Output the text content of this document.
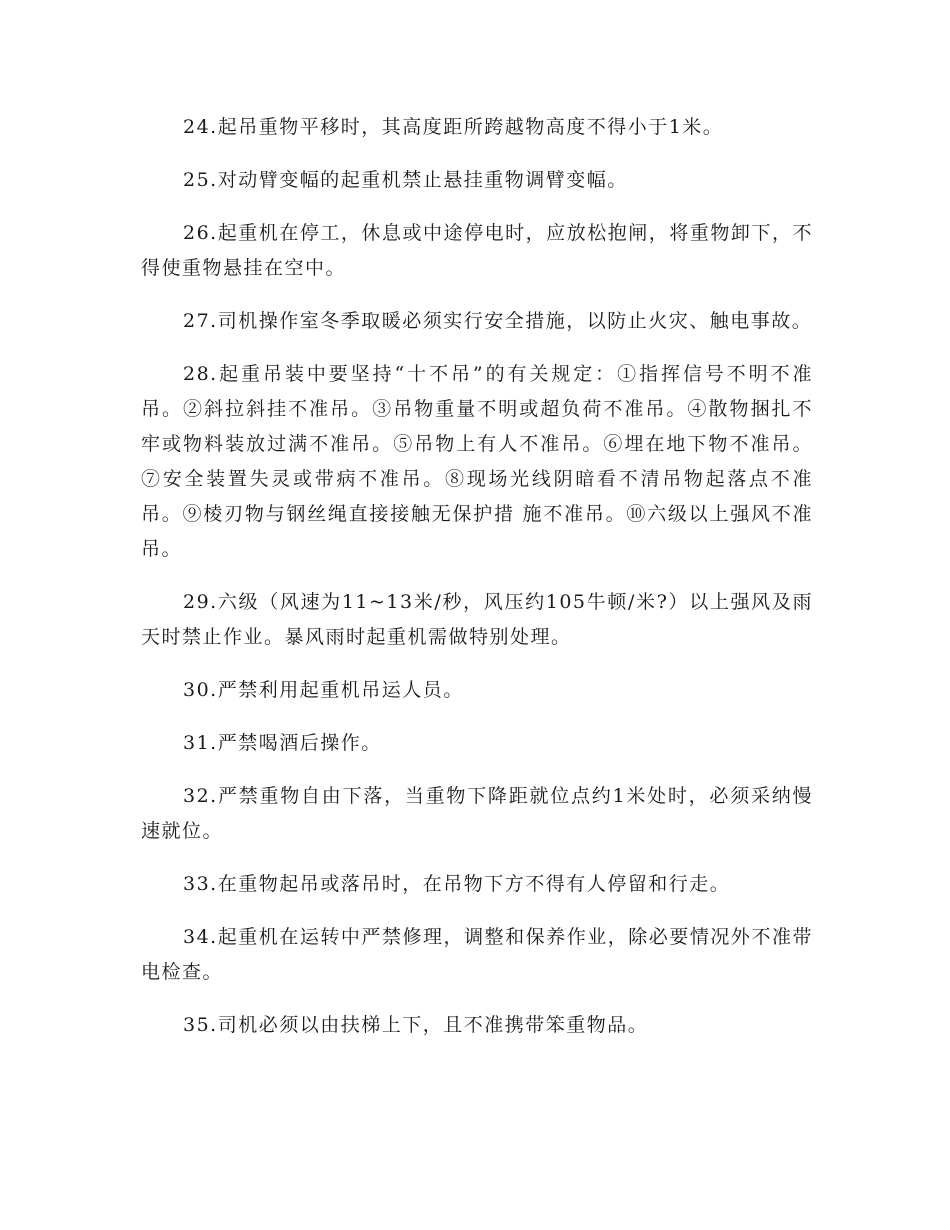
24.起吊重物平移时，其高度距所跨越物高度不得小于1米。

25.对动臂变幅的起重机禁止悬挂重物调臂变幅。

26.起重机在停工，休息或中途停电时，应放松抱闸，将重物卸下，不得使重物悬挂在空中。

27.司机操作室冬季取暖必须实行安全措施，以防止火灾、触电事故。

28.起重吊装中要坚持“十不吊”的有关规定：①指挥信号不明不准吊。②斜拉斜挂不准吊。③吊物重量不明或超负荷不准吊。④散物捆扎不牢或物料装放过满不准吊。⑤吊物上有人不准吊。⑥埋在地下物不准吊。⑦安全装置失灵或带病不准吊。⑧现场光线阴暗看不清吊物起落点不准吊。⑨棱刃物与钢丝绳直接接触无保护措 施不准吊。⑩六级以上强风不准吊。

29.六级（风速为11~13米/秒，风压约105牛顿/米?）以上强风及雨天时禁止作业。暴风雨时起重机需做特别处理。

30.严禁利用起重机吊运人员。

31.严禁喝酒后操作。

32.严禁重物自由下落，当重物下降距就位点约1米处时，必须采纳慢速就位。

33.在重物起吊或落吊时，在吊物下方不得有人停留和行走。

34.起重机在运转中严禁修理，调整和保养作业，除必要情况外不准带电检查。

35.司机必须以由扶梯上下，且不准携带笨重物品。
